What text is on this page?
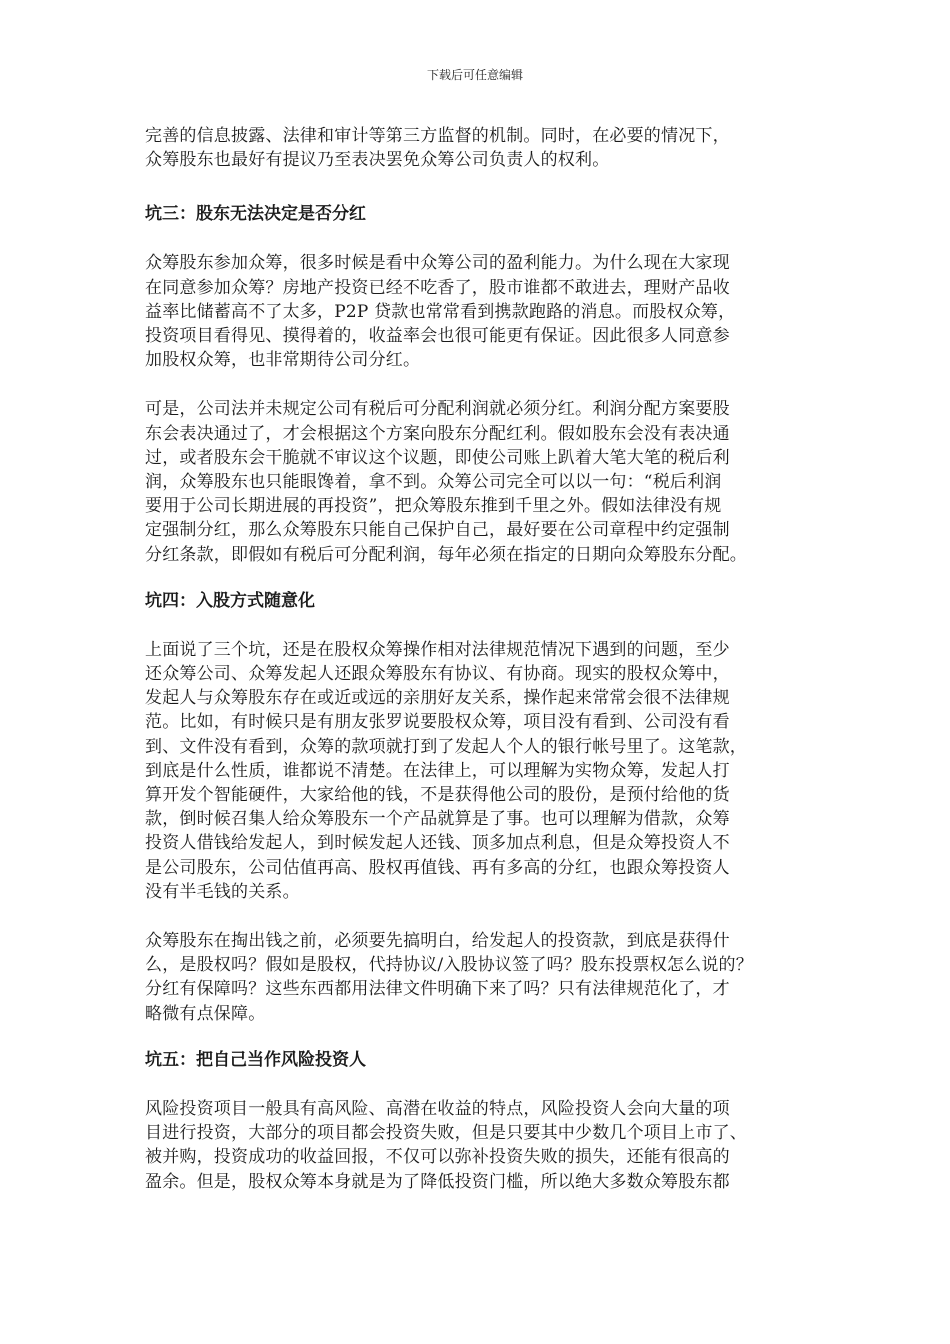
下载后可任意编辑

完善的信息披露、法律和审计等第三方监督的机制。同时，在必要的情况下，
众筹股东也最好有提议乃至表决罢免众筹公司负责人的权利。

坑三：股东无法决定是否分红

众筹股东参加众筹，很多时候是看中众筹公司的盈利能力。为什么现在大家现
在同意参加众筹？房地产投资已经不吃香了，股市谁都不敢进去，理财产品收
益率比储蓄高不了太多，P2P 贷款也常常看到携款跑路的消息。而股权众筹，
投资项目看得见、摸得着的，收益率会也很可能更有保证。因此很多人同意参
加股权众筹，也非常期待公司分红。

可是，公司法并未规定公司有税后可分配利润就必须分红。利润分配方案要股
东会表决通过了，才会根据这个方案向股东分配红利。假如股东会没有表决通
过，或者股东会干脆就不审议这个议题，即使公司账上趴着大笔大笔的税后利
润，众筹股东也只能眼馋着，拿不到。众筹公司完全可以以一句：“税后利润
要用于公司长期进展的再投资”，把众筹股东推到千里之外。假如法律没有规
定强制分红，那么众筹股东只能自己保护自己，最好要在公司章程中约定强制
分红条款，即假如有税后可分配利润，每年必须在指定的日期向众筹股东分配。

坑四：入股方式随意化

上面说了三个坑，还是在股权众筹操作相对法律规范情况下遇到的问题，至少
还众筹公司、众筹发起人还跟众筹股东有协议、有协商。现实的股权众筹中，
发起人与众筹股东存在或近或远的亲朋好友关系，操作起来常常会很不法律规
范。比如，有时候只是有朋友张罗说要股权众筹，项目没有看到、公司没有看
到、文件没有看到，众筹的款项就打到了发起人个人的银行帐号里了。这笔款，
到底是什么性质，谁都说不清楚。在法律上，可以理解为实物众筹，发起人打
算开发个智能硬件，大家给他的钱，不是获得他公司的股份，是预付给他的货
款，倒时候召集人给众筹股东一个产品就算是了事。也可以理解为借款，众筹
投资人借钱给发起人，到时候发起人还钱、顶多加点利息，但是众筹投资人不
是公司股东，公司估值再高、股权再值钱、再有多高的分红，也跟众筹投资人
没有半毛钱的关系。

众筹股东在掏出钱之前，必须要先搞明白，给发起人的投资款，到底是获得什
么，是股权吗？假如是股权，代持协议/入股协议签了吗？股东投票权怎么说的？
分红有保障吗？这些东西都用法律文件明确下来了吗？只有法律规范化了，才
略微有点保障。

坑五：把自己当作风险投资人

风险投资项目一般具有高风险、高潜在收益的特点，风险投资人会向大量的项
目进行投资，大部分的项目都会投资失败，但是只要其中少数几个项目上市了、
被并购，投资成功的收益回报，不仅可以弥补投资失败的损失，还能有很高的
盈余。但是，股权众筹本身就是为了降低投资门槛，所以绝大多数众筹股东都
